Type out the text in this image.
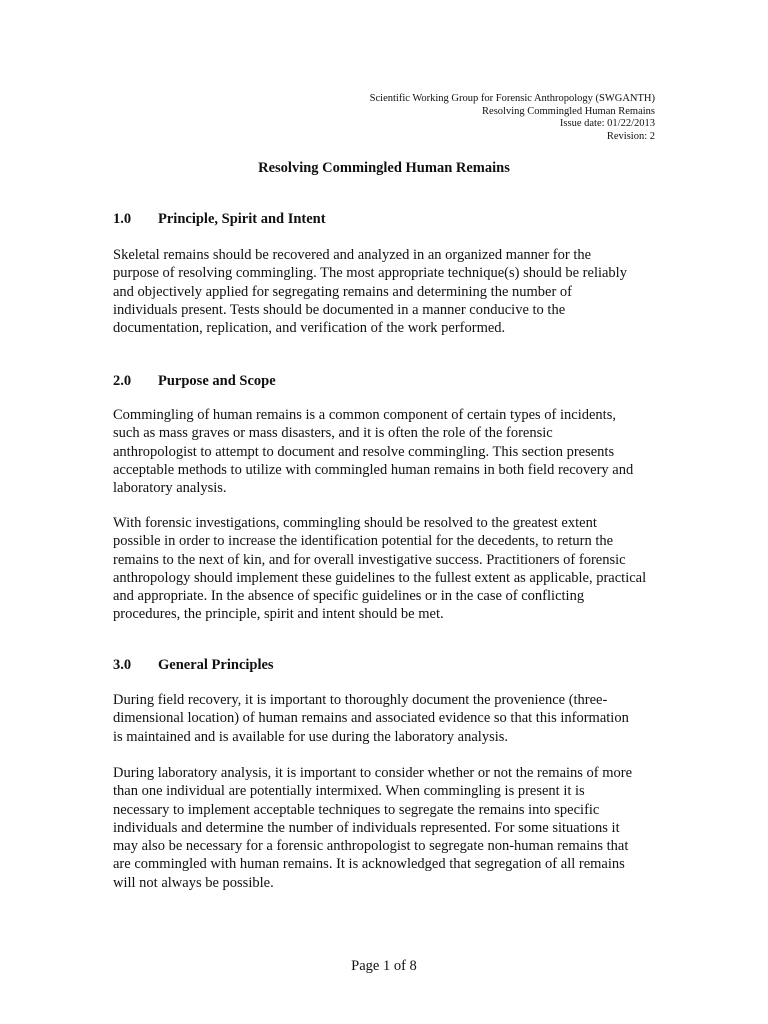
Scientific Working Group for Forensic Anthropology (SWGANTH)
Resolving Commingled Human Remains
Issue date: 01/22/2013
Revision: 2
Resolving Commingled Human Remains
1.0 Principle, Spirit and Intent
Skeletal remains should be recovered and analyzed in an organized manner for the
purpose of resolving commingling. The most appropriate technique(s) should be reliably
and objectively applied for segregating remains and determining the number of
individuals present. Tests should be documented in a manner conducive to the
documentation, replication, and verification of the work performed.
2.0 Purpose and Scope
Commingling of human remains is a common component of certain types of incidents,
such as mass graves or mass disasters, and it is often the role of the forensic
anthropologist to attempt to document and resolve commingling. This section presents
acceptable methods to utilize with commingled human remains in both field recovery and
laboratory analysis.
With forensic investigations, commingling should be resolved to the greatest extent
possible in order to increase the identification potential for the decedents, to return the
remains to the next of kin, and for overall investigative success. Practitioners of forensic
anthropology should implement these guidelines to the fullest extent as applicable, practical
and appropriate. In the absence of specific guidelines or in the case of conflicting
procedures, the principle, spirit and intent should be met.
3.0 General Principles
During field recovery, it is important to thoroughly document the provenience (three-
dimensional location) of human remains and associated evidence so that this information
is maintained and is available for use during the laboratory analysis.
During laboratory analysis, it is important to consider whether or not the remains of more
than one individual are potentially intermixed. When commingling is present it is
necessary to implement acceptable techniques to segregate the remains into specific
individuals and determine the number of individuals represented. For some situations it
may also be necessary for a forensic anthropologist to segregate non-human remains that
are commingled with human remains. It is acknowledged that segregation of all remains
will not always be possible.
Page 1 of 8
